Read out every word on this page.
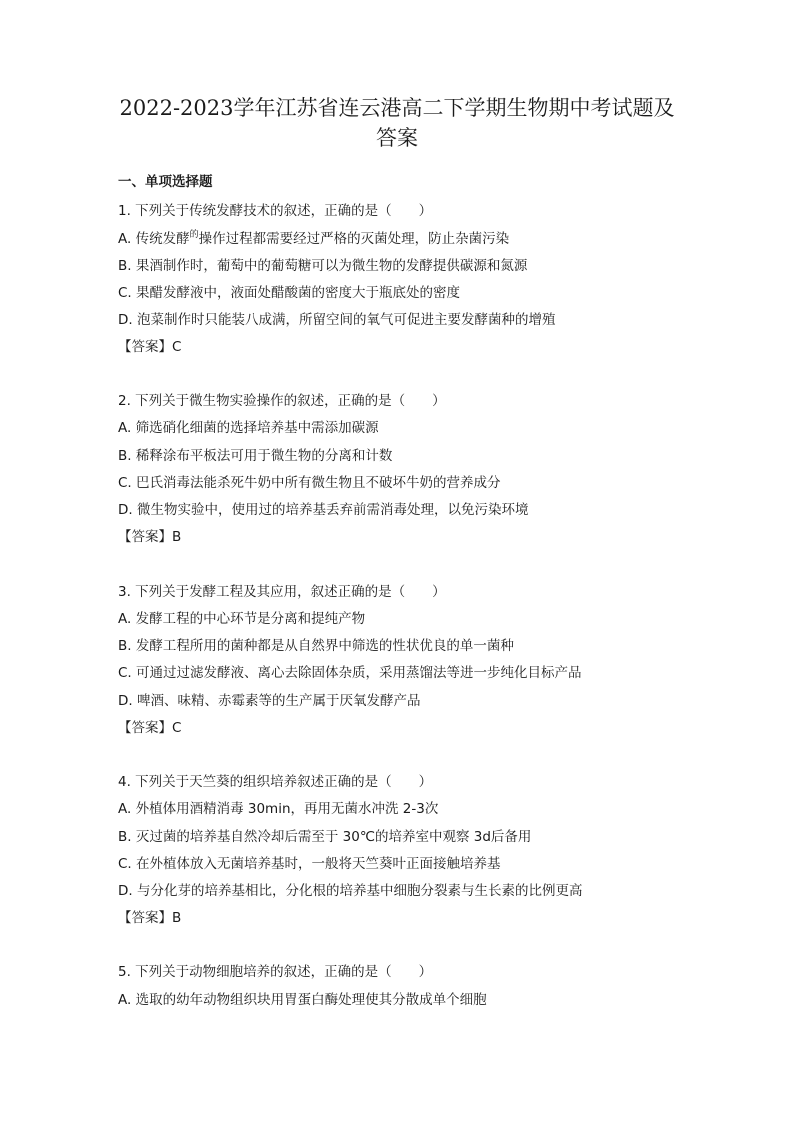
2022-2023学年江苏省连云港高二下学期生物期中考试题及
答案
一、单项选择题
1. 下列关于传统发酵技术的叙述，正确的是（　　）
A. 传统发酵$^的$操作过程都需要经过严格的灭菌处理，防止杂菌污染
B. 果酒制作时，葡萄中的葡萄糖可以为微生物的发酵提供碳源和氮源
C. 果醋发酵液中，液面处醋酸菌的密度大于瓶底处的密度
D. 泡菜制作时只能装八成满，所留空间的氧气可促进主要发酵菌种的增殖
【答案】C
2. 下列关于微生物实验操作的叙述，正确的是（　　）
A. 筛选硝化细菌的选择培养基中需添加碳源
B. 稀释涂布平板法可用于微生物的分离和计数
C. 巴氏消毒法能杀死牛奶中所有微生物且不破坏牛奶的营养成分
D. 微生物实验中，使用过的培养基丢弃前需消毒处理，以免污染环境
【答案】B
3. 下列关于发酵工程及其应用，叙述正确的是（　　）
A. 发酵工程的中心环节是分离和提纯产物
B. 发酵工程所用的菌种都是从自然界中筛选的性状优良的单一菌种
C. 可通过过滤发酵液、离心去除固体杂质，采用蒸馏法等进一步纯化目标产品
D. 啤酒、味精、赤霉素等的生产属于厌氧发酵产品
【答案】C
4. 下列关于天竺葵的组织培养叙述正确的是（　　）
A. 外植体用酒精消毒 30min，再用无菌水冲洗 2-3次
B. 灭过菌的培养基自然冷却后需至于 30℃的培养室中观察 3d后备用
C. 在外植体放入无菌培养基时，一般将天竺葵叶正面接触培养基
D. 与分化芽的培养基相比，分化根的培养基中细胞分裂素与生长素的比例更高
【答案】B
5. 下列关于动物细胞培养的叙述，正确的是（　　）
A. 选取的幼年动物组织块用胃蛋白酶处理使其分散成单个细胞
